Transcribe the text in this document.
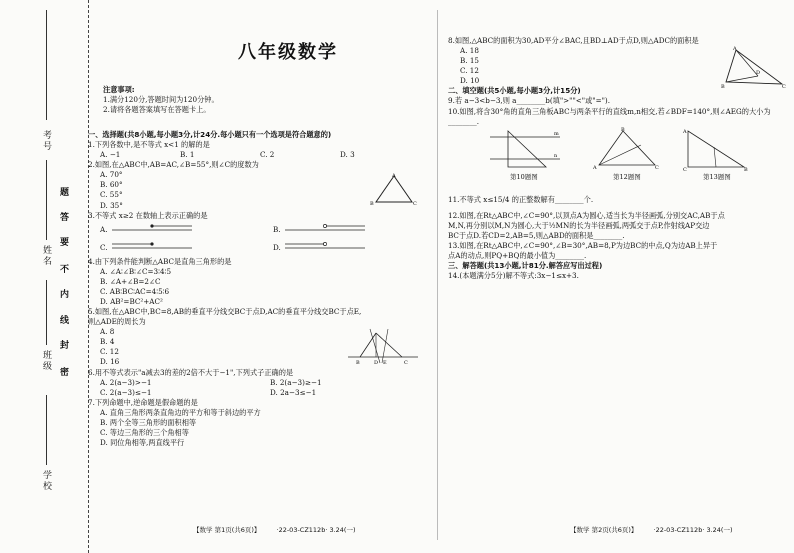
考号
姓名
班级
学校
题
答
要
不
内
线
封
密
八年级数学
注意事项:
1.满分120分,答题时间为120分钟。
2.请将各题答案填写在答题卡上。
一、选择题(共8小题,每小题3分,计24分.每小题只有一个选项是符合题意的)
1.下列各数中,是不等式 x<1 的解的是
A. −1	B. 1	C. 2	D. 3
2.如图,在△ABC中,AB=AC,∠B=55°,则∠C的度数为
A. 70°
B. 60°
C. 55°
D. 35°
A
B	C
3.不等式 x≥2 在数轴上表示正确的是
A.	B.
C.	D.
4.由下列条件能判断△ABC是直角三角形的是
A. ∠A∶∠B∶∠C=3∶4∶5
B. ∠A+∠B=2∠C
C. AB∶BC∶AC=4∶5∶6
D. AB²=BC²+AC²
5.如图,在△ABC中,BC=8,AB的垂直平分线交BC于点D,AC的垂直平分线交BC于点E,
则△ADE的周长为
A. 8
B. 4
C. 12
D. 16	B	D E	C
6.用不等式表示"a减去3的差的2倍不大于−1",下列式子正确的是
A. 2(a−3)>−1	B. 2(a−3)≥−1
C. 2(a−3)≤−1	D. 2a−3≤−1
7.下列命题中,逆命题是假命题的是
A. 直角三角形两条直角边的平方和等于斜边的平方
B. 两个全等三角形的面积相等
C. 等边三角形的三个角相等
D. 同位角相等,两直线平行
【数学 第1页(共6页)】 ·22-03-CZ112b· 3.24(一)
8.如图,△ABC的面积为30,AD平分∠BAC,且BD⊥AD于点D,则△ADC的面积是
A. 18
B. 15
C. 12
D. 10
A
B
D
C
二、填空题(共5小题,每小题3分,计15分)
9.若 a−3<b−3,则 a________b(填">""<"或"=").
10.如图,将含30°角的直角三角板ABC与两条平行的直线m,n相交,若∠BDF=140°,则∠AEG的大小为
________.
m
n
A	C
B	A
C	B
第10题图	第12题图	第13题图
11.不等式 x≤15/4 的正整数解有________个.
12.如图,在Rt△ABC中,∠C=90°,以顶点A为圆心,适当长为半径画弧,分别交AC,AB于点
M,N,再分别以M,N为圆心,大于½MN的长为半径画弧,两弧交于点P,作射线AP交边
BC于点D.若CD=2,AB=5,则△ABD的面积是________.
13.如图,在Rt△ABC中,∠C=90°,∠B=30°,AB=8,P为边BC的中点,Q为边AB上异于
点A的动点,则PQ+BQ的最小值为________.
三、解答题(共13小题,计81分.解答应写出过程)
14.(本题满分5分)解不等式:3x−1≤x+3.
【数学 第2页(共6页)】 ·22-03-CZ112b· 3.24(一)
